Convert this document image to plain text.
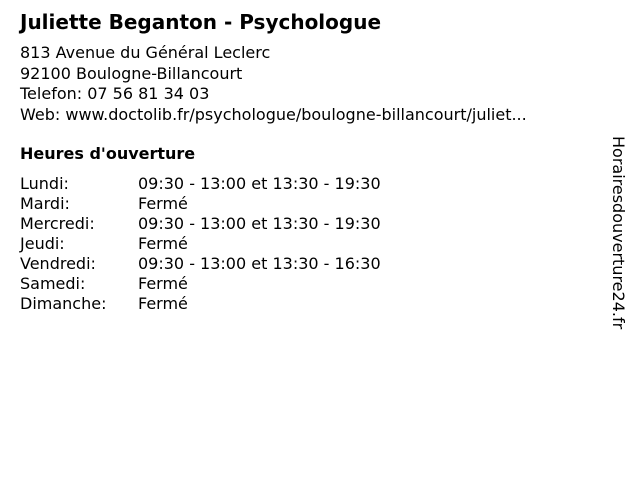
Juliette Beganton - Psychologue
813 Avenue du Général Leclerc
92100 Boulogne-Billancourt
Telefon: 07 56 81 34 03
Web: www.doctolib.fr/psychologue/boulogne-billancourt/juliet...
Heures d'ouverture
Lundi:	09:30 - 13:00 et 13:30 - 19:30
Mardi:	Fermé
Mercredi:	09:30 - 13:00 et 13:30 - 19:30
Jeudi:	Fermé
Vendredi:	09:30 - 13:00 et 13:30 - 16:30
Samedi:	Fermé
Dimanche:	Fermé	Horairesdouverture24.fr
